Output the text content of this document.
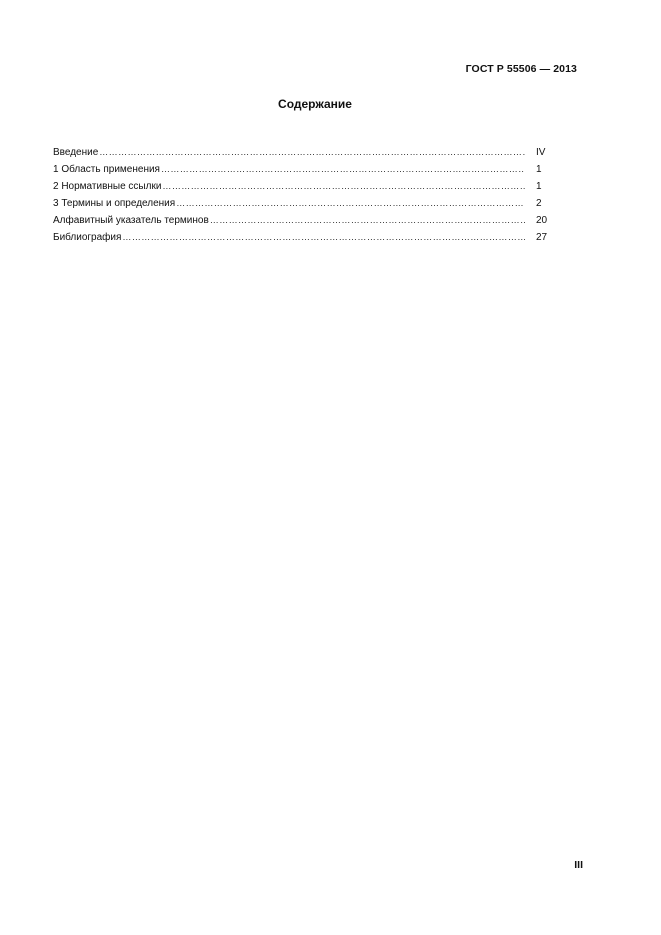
ГОСТ Р 55506 — 2013
Содержание
Введение …………………………………………………………………………………………………………………………………………………………………	IV
1 Область применения …………………………………………………………………………………………………………………………………………………………………	1
2 Нормативные ссылки …………………………………………………………………………………………………………………………………………………………………	1
3 Термины и определения …………………………………………………………………………………………………………………………………………………………………	2
Алфавитный указатель терминов …………………………………………………………………………………………………………………………………………………………………	20
Библиография …………………………………………………………………………………………………………………………………………………………………	27
III
